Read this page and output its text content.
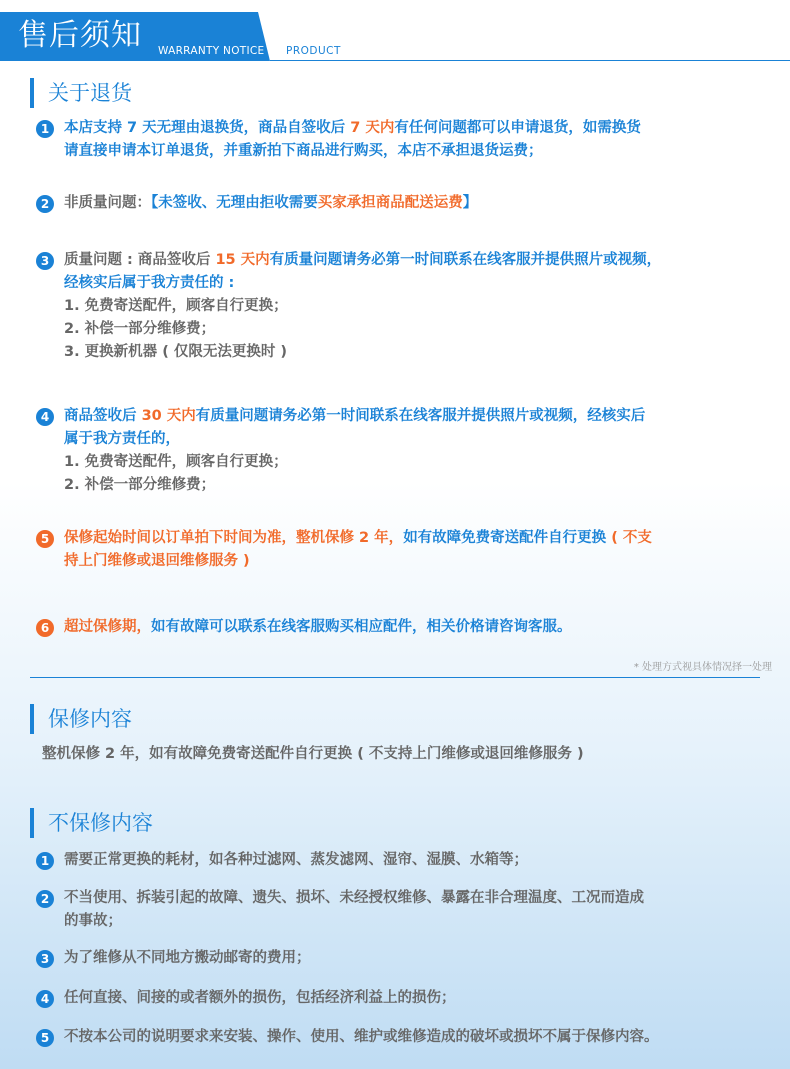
售后须知 WARRANTY NOTICE PRODUCT
关于退货
1	本店支持 7 天无理由退换货，商品自签收后 7 天内有任何问题都可以申请退货，如需换货
请直接申请本订单退货，并重新拍下商品进行购买，本店不承担退货运费；
2	非质量问题：【未签收、无理由拒收需要买家承担商品配送运费】
3	质量问题 : 商品签收后 15 天内有质量问题请务必第一时间联系在线客服并提供照片或视频，
经核实后属于我方责任的 :
1. 免费寄送配件，顾客自行更换；
2. 补偿一部分维修费；
3. 更换新机器 ( 仅限无法更换时 )
4	商品签收后 30 天内有质量问题请务必第一时间联系在线客服并提供照片或视频，经核实后
属于我方责任的，
1. 免费寄送配件，顾客自行更换；
2. 补偿一部分维修费；
5	保修起始时间以订单拍下时间为准，整机保修 2 年，如有故障免费寄送配件自行更换 ( 不支
持上门维修或退回维修服务 )
6	超过保修期，如有故障可以联系在线客服购买相应配件，相关价格请咨询客服。
* 处理方式视具体情况择一处理
保修内容
整机保修 2 年，如有故障免费寄送配件自行更换 ( 不支持上门维修或退回维修服务 )
不保修内容
1	需要正常更换的耗材，如各种过滤网、蒸发滤网、湿帘、湿膜、水箱等；
2	不当使用、拆装引起的故障、遗失、损坏、未经授权维修、暴露在非合理温度、工况而造成
的事故；
3	为了维修从不同地方搬动邮寄的费用；
4	任何直接、间接的或者额外的损伤，包括经济利益上的损伤；
5	不按本公司的说明要求来安装、操作、使用、维护或维修造成的破坏或损坏不属于保修内容。
